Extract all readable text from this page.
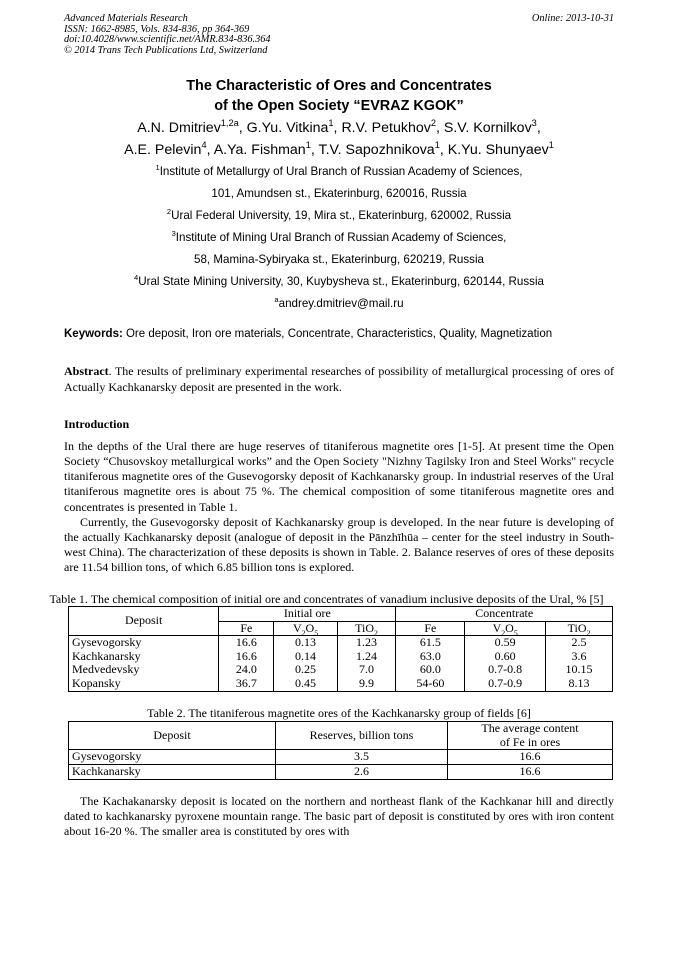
Advanced Materials Research
ISSN: 1662-8985, Vols. 834-836, pp 364-369
doi:10.4028/www.scientific.net/AMR.834-836.364
© 2014 Trans Tech Publications Ltd, Switzerland
Online: 2013-10-31
The Characteristic of Ores and Concentrates
of the Open Society “EVRAZ KGOK”
A.N. Dmitriev$^{1,2a}$, G.Yu. Vitkina$^1$, R.V. Petukhov$^2$, S.V. Kornilkov$^3$,
A.E. Pelevin$^4$, A.Ya. Fishman$^1$, T.V. Sapozhnikova$^1$, K.Yu. Shunyaev$^1$
$^1$Institute of Metallurgy of Ural Branch of Russian Academy of Sciences,
101, Amundsen st., Ekaterinburg, 620016, Russia
$^2$Ural Federal University, 19, Mira st., Ekaterinburg, 620002, Russia
$^3$Institute of Mining Ural Branch of Russian Academy of Sciences,
58, Mamina-Sybiryaka st., Ekaterinburg, 620219, Russia
$^4$Ural State Mining University, 30, Kuybysheva st., Ekaterinburg, 620144, Russia
$^a$andrey.dmitriev@mail.ru
Keywords: Ore deposit, Iron ore materials, Concentrate, Characteristics, Quality, Magnetization
Abstract. The results of preliminary experimental researches of possibility of metallurgical processing of ores of Actually Kachkanarsky deposit are presented in the work.
Introduction
In the depths of the Ural there are huge reserves of titaniferous magnetite ores [1-5]. At present time the Open Society “Chusovskoy metallurgical works” and the Open Society "Nizhny Tagilsky Iron and Steel Works" recycle titaniferous magnetite ores of the Gusevogorsky deposit of Kachkanarsky group. In industrial reserves of the Ural titaniferous magnetite ores is about 75 %. The chemical composition of some titaniferous magnetite ores and concentrates is presented in Table 1.
Currently, the Gusevogorsky deposit of Kachkanarsky group is developed. In the near future is developing of the actually Kachkanarsky deposit (analogue of deposit in the Pānzhīhūa – center for the steel industry in South-west China). The characterization of these deposits is shown in Table. 2. Balance reserves of ores of these deposits are 11.54 billion tons, of which 6.85 billion tons is explored.
Table 1. The chemical composition of initial ore and concentrates of vanadium inclusive deposits of the Ural, % [5]
Deposit	Initial ore			Concentrate		
	Fe	$V_2O_5$	TiO$_2$	Fe	$V_2O_5$	TiO$_2$
Gysevogorsky	16.6	0.13	1.23	61.5	0.59	2.5
Kachkanarsky	16.6	0.14	1.24	63.0	0.60	3.6
Medvedevsky	24.0	0.25	7.0	60.0	0.7-0.8	10.15
Kopansky	36.7	0.45	9.9	54-60	0.7-0.9	8.13
Table 2. The titaniferous magnetite ores of the Kachkanarsky group of fields [6]
Deposit	Reserves, billion tons	The average content
of Fe in ores

Gysevogorsky	3.5	16.6
Kachkanarsky	2.6	16.6
The Kachakanarsky deposit is located on the northern and northeast flank of the Kachkanar hill and directly dated to kachkanarsky pyroxene mountain range. The basic part of deposit is constituted by ores with iron content about 16-20 %. The smaller area is constituted by ores with
